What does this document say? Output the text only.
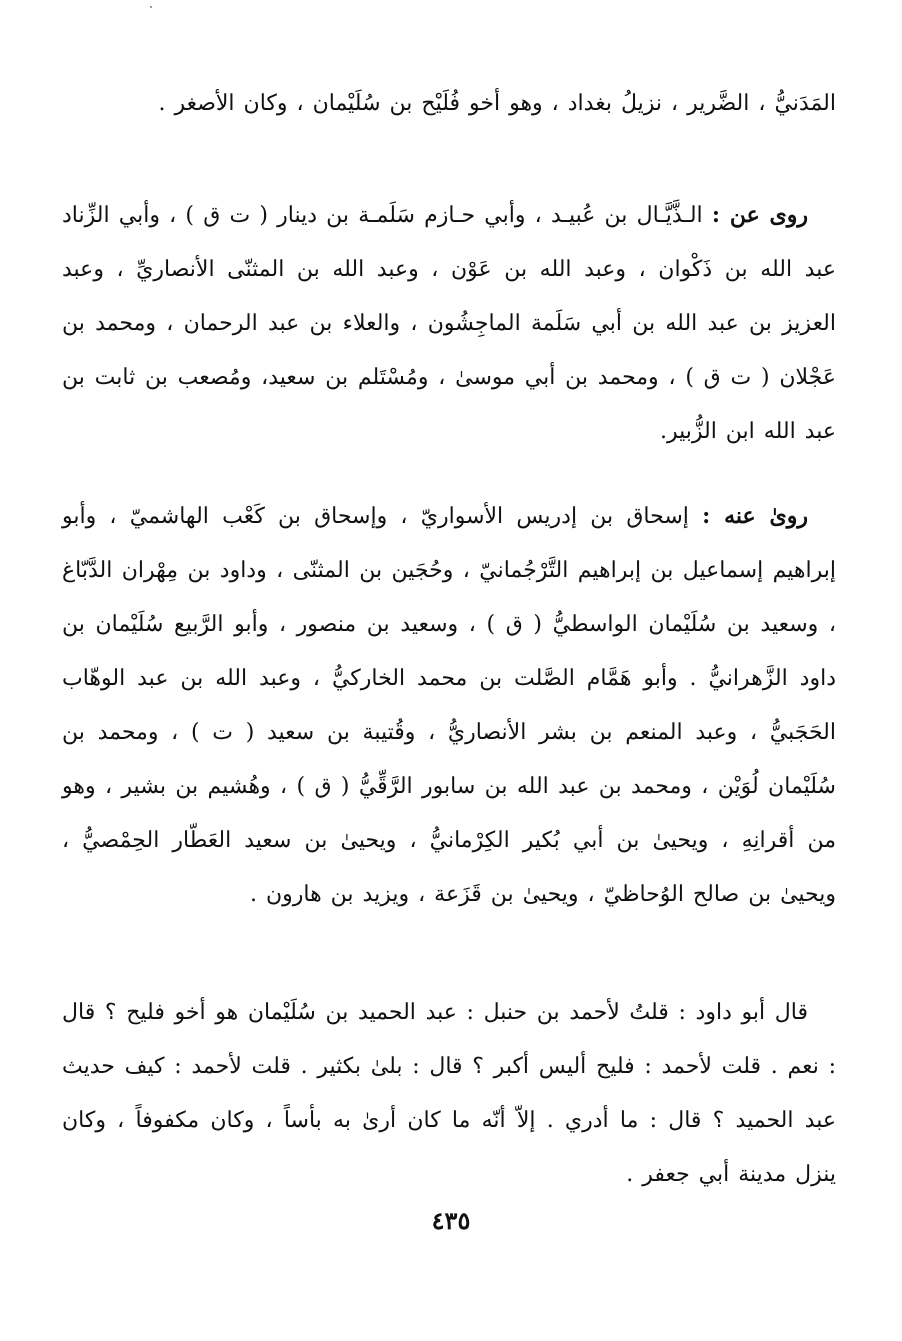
المَدَنيُّ ، الضَّرير ، نزيلُ بغداد ، وهو أخو فُلَيْح بن سُلَيْمان ، وكان الأصغر .

روى عن : الـذَّيَّـال بن عُبيـد ، وأبي حـازم سَلَمـة بن دينار ( ت ق ) ، وأبي الزِّناد عبد الله بن ذَكْوان ، وعبد الله بن عَوْن ، وعبد الله بن المثنّى الأنصاريِّ ، وعبد العزيز بن عبد الله بن أبي سَلَمة الماجِشُون ، والعلاء بن عبد الرحمان ، ومحمد بن عَجْلان ( ت ق ) ، ومحمد بن أبي موسىٰ ، ومُسْتَلم بن سعيد، ومُصعب بن ثابت بن عبد الله ابن الزُّبير.

روىٰ عنه : إسحاق بن إدريس الأسواريّ ، وإسحاق بن كَعْب الهاشميّ ، وأبو إبراهيم إسماعيل بن إبراهيم التَّرْجُمانيّ ، وحُجَين بن المثنّى ، وداود بن مِهْران الدَّبّاغ ، وسعيد بن سُلَيْمان الواسطيُّ ( ق ) ، وسعيد بن منصور ، وأبو الرَّبيع سُلَيْمان بن داود الزَّهرانيُّ . وأبو هَمَّام الصَّلت بن محمد الخاركيُّ ، وعبد الله بن عبد الوهّاب الحَجَبيُّ ، وعبد المنعم بن بشر الأنصاريُّ ، وقُتيبة بن سعيد ( ت ) ، ومحمد بن سُلَيْمان لُوَيْن ، ومحمد بن عبد الله بن سابور الرَّقِّيُّ ( ق ) ، وهُشيم بن بشير ، وهو من أقرانِهِ ، ويحيىٰ بن أبي بُكير الكِرْمانيُّ ، ويحيىٰ بن سعيد العَطّار الحِمْصيُّ ، ويحيىٰ بن صالح الوُحاظيّ ، ويحيىٰ بن قَزَعة ، ويزيد بن هارون .

قال أبو داود : قلتُ لأحمد بن حنبل : عبد الحميد بن سُلَيْمان هو أخو فليح ؟ قال : نعم . قلت لأحمد : فليح أليس أكبر ؟ قال : بلىٰ بكثير . قلت لأحمد : كيف حديث عبد الحميد ؟ قال : ما أدري . إلاّ أنّه ما كان أرىٰ به بأساً ، وكان مكفوفاً ، وكان ينزل مدينة أبي جعفر .

٤٣٥
